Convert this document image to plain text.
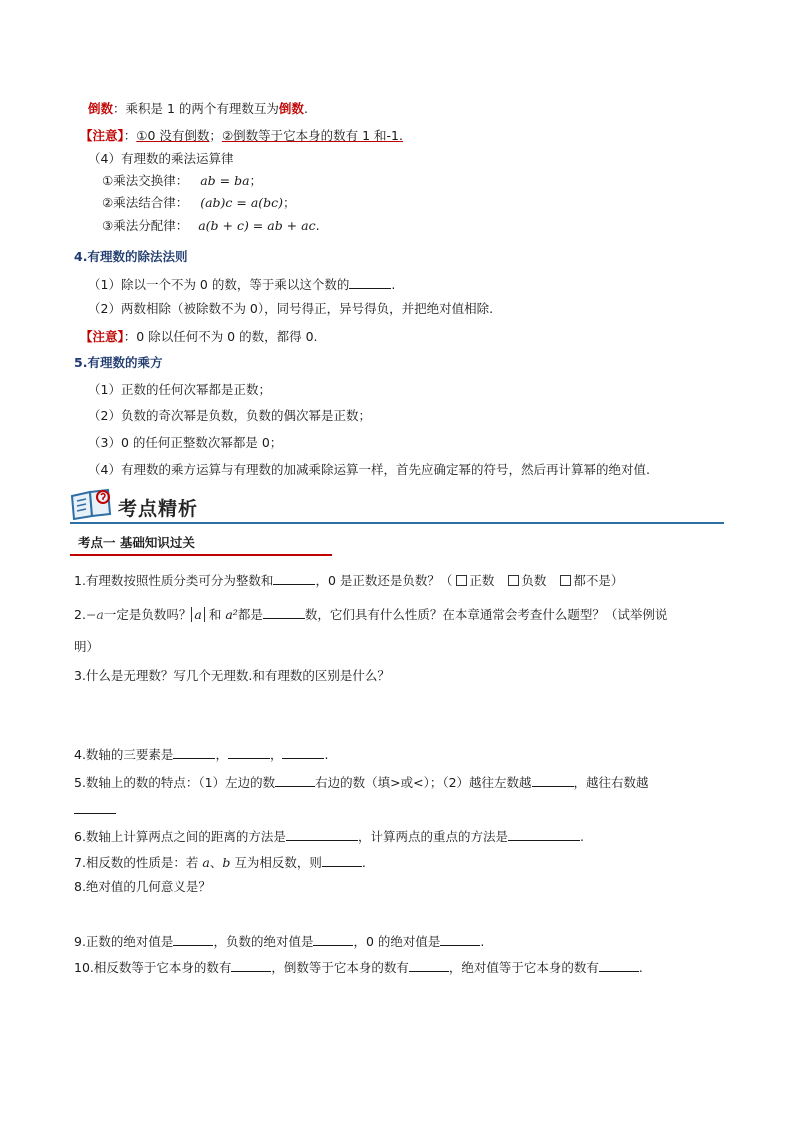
倒数：乘积是 1 的两个有理数互为倒数.
【注意】：①0 没有倒数；②倒数等于它本身的数有 1 和-1.
（4）有理数的乘法运算律
①乘法交换律： ab = ba；
②乘法结合律： (ab)c = a(bc)；
③乘法分配律： a(b + c) = ab + ac.
4.有理数的除法法则
（1）除以一个不为 0 的数，等于乘以这个数的	.
（2）两数相除（被除数不为 0），同号得正，异号得负，并把绝对值相除.
【注意】：0 除以任何不为 0 的数，都得 0.
5.有理数的乘方
（1）正数的任何次幂都是正数；
（2）负数的奇次幂是负数，负数的偶次幂是正数；
（3）0 的任何正整数次幂都是 0；
（4）有理数的乘方运算与有理数的加减乘除运算一样，首先应确定幂的符号，然后再计算幂的绝对值.
考点精析
考点一 基础知识过关
1.有理数按照性质分类可分为整数和	，0 是正数还是负数？（ 正数 负数 都不是）
2.−a一定是负数吗？ a 和 a²都是	数，它们具有什么性质？在本章通常会考查什么题型？（试举例说
明）
3.什么是无理数？写几个无理数.和有理数的区别是什么？
4.数轴的三要素是	，	，	.
5.数轴上的数的特点：（1）左边的数	右边的数（填>或<）；（2）越往左数越	，越往右数越
6.数轴上计算两点之间的距离的方法是	，计算两点的重点的方法是	.
7.相反数的性质是：若 a、b 互为相反数，则	.
8.绝对值的几何意义是？
9.正数的绝对值是	，负数的绝对值是	，0 的绝对值是	.
10.相反数等于它本身的数有	，倒数等于它本身的数有	，绝对值等于它本身的数有	.
